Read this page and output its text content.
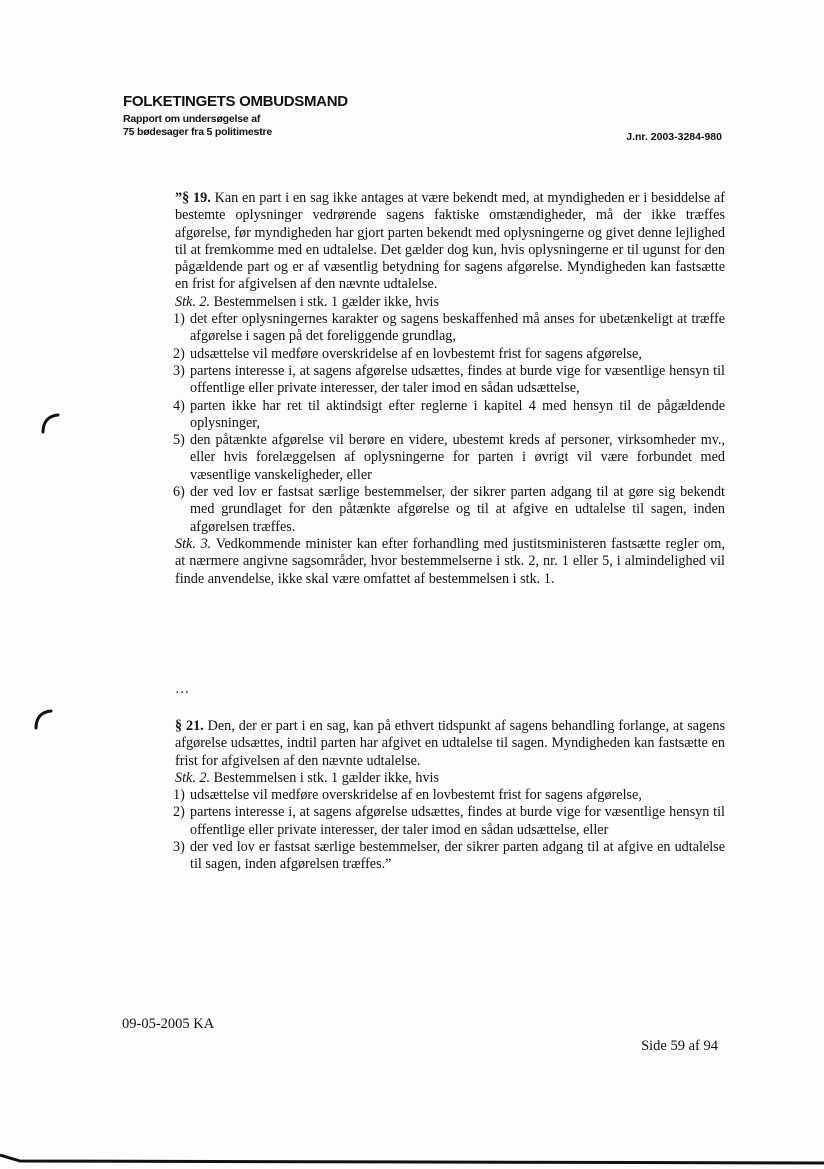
FOLKETINGETS OMBUDSMAND
Rapport om undersøgelse af
75 bødesager fra 5 politimestre	J.nr. 2003-3284-980

”§ 19. Kan en part i en sag ikke antages at være bekendt med, at myndigheden er i besiddelse af bestemte oplysninger vedrørende sagens faktiske omstændigheder, må der ikke træffes afgørelse, før myndigheden har gjort parten bekendt med oplysningerne og givet denne lejlighed til at fremkomme med en udtalelse. Det gælder dog kun, hvis oplysningerne er til ugunst for den pågældende part og er af væsentlig betydning for sagens afgørelse. Myndigheden kan fastsætte en frist for afgivelsen af den nævnte udtalelse.

Stk. 2. Bestemmelsen i stk. 1 gælder ikke, hvis

1) det efter oplysningernes karakter og sagens beskaffenhed må anses for ubetænkeligt at træffe afgørelse i sagen på det foreliggende grundlag,
2) udsættelse vil medføre overskridelse af en lovbestemt frist for sagens afgørelse,
3) partens interesse i, at sagens afgørelse udsættes, findes at burde vige for væsentlige hensyn til offentlige eller private interesser, der taler imod en sådan udsættelse,
4) parten ikke har ret til aktindsigt efter reglerne i kapitel 4 med hensyn til de pågældende oplysninger,
5) den påtænkte afgørelse vil berøre en videre, ubestemt kreds af personer, virksomheder mv., eller hvis forelæggelsen af oplysningerne for parten i øvrigt vil være forbundet med væsentlige vanskeligheder, eller
6) der ved lov er fastsat særlige bestemmelser, der sikrer parten adgang til at gøre sig bekendt med grundlaget for den påtænkte afgørelse og til at afgive en udtalelse til sagen, inden afgørelsen træffes.

Stk. 3. Vedkommende minister kan efter forhandling med justitsministeren fastsætte regler om, at nærmere angivne sagsområder, hvor bestemmelserne i stk. 2, nr. 1 eller 5, i almindelighed vil finde anvendelse, ikke skal være omfattet af bestemmelsen i stk. 1.

…

§ 21. Den, der er part i en sag, kan på ethvert tidspunkt af sagens behandling forlange, at sagens afgørelse udsættes, indtil parten har afgivet en udtalelse til sagen. Myndigheden kan fastsætte en frist for afgivelsen af den nævnte udtalelse.

Stk. 2. Bestemmelsen i stk. 1 gælder ikke, hvis

1) udsættelse vil medføre overskridelse af en lovbestemt frist for sagens afgørelse,
2) partens interesse i, at sagens afgørelse udsættes, findes at burde vige for væsentlige hensyn til offentlige eller private interesser, der taler imod en sådan udsættelse, eller
3) der ved lov er fastsat særlige bestemmelser, der sikrer parten adgang til at afgive en udtalelse til sagen, inden afgørelsen træffes.”
09-05-2005 KA
Side 59 af 94
